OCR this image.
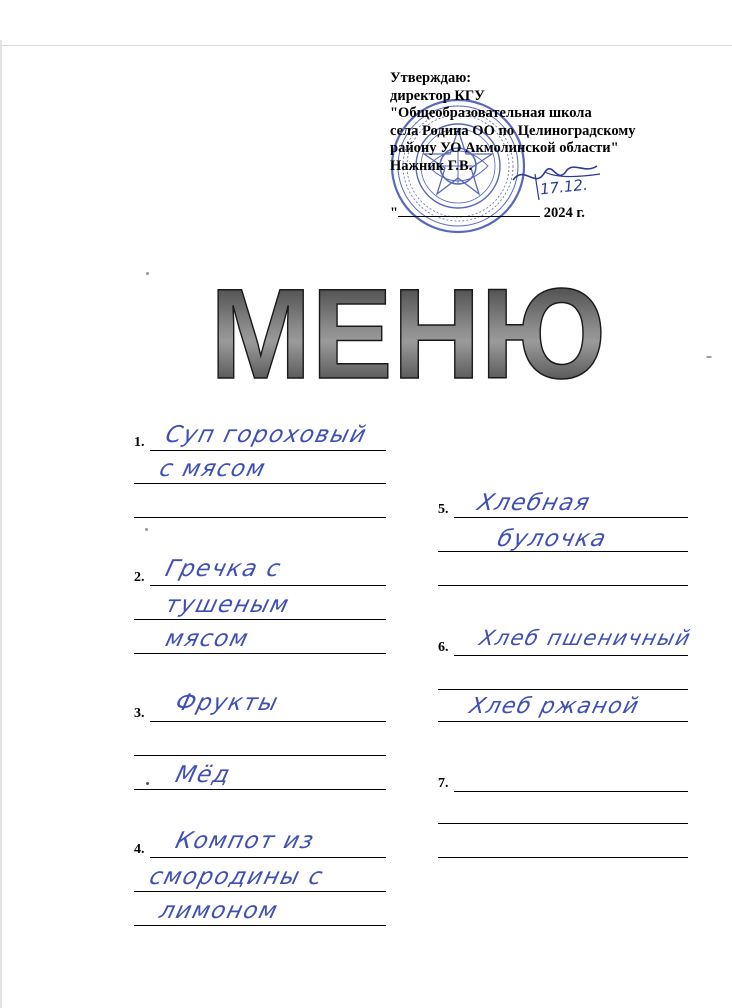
17.12.
Утверждаю:
директор КГУ
"Общеобразовательная школа
села Родина ОО по Целиноградскому
району УО Акмолинской области"
Нажник Г.В.
"	2024 г.
МЕНЮ
1. Суп гороховый
с мясом
2. Гречка с
тушеным
мясом
3. Фрукты
Мёд
4. Компот из
смородины с
лимоном
5. Хлебная
булочка
6. Хлеб пшеничный
Хлеб ржаной
7.
